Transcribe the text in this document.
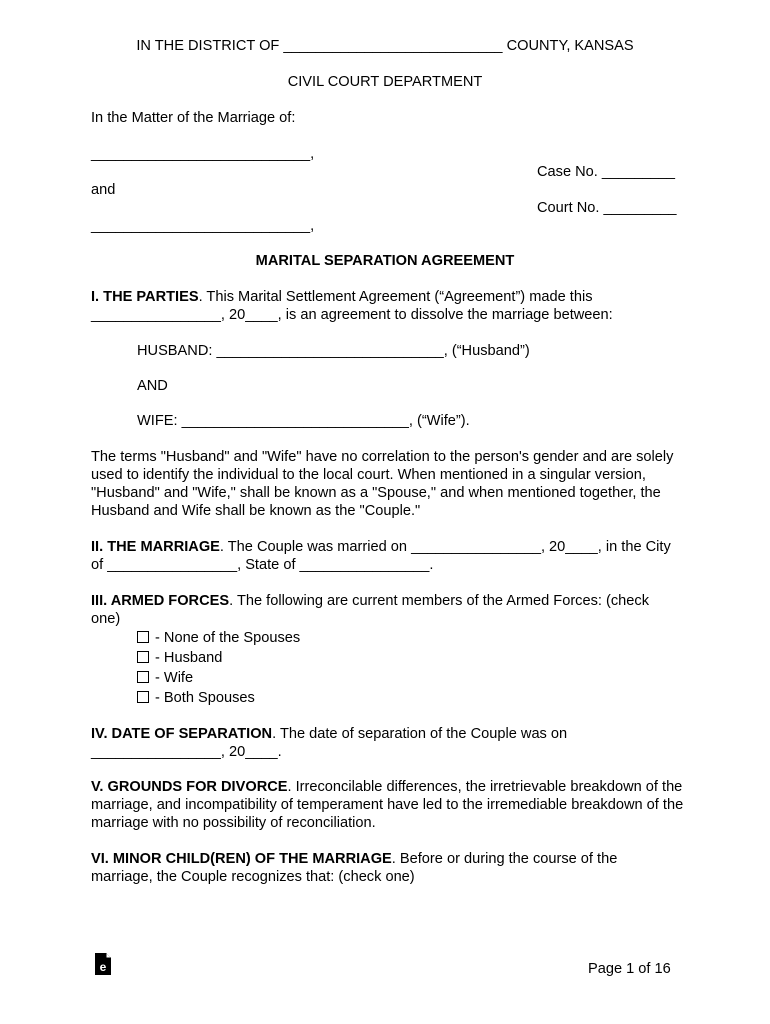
IN THE DISTRICT OF ___________________________ COUNTY, KANSAS
CIVIL COURT DEPARTMENT
In the Matter of the Marriage of:
___________________________,
Case No. _________
and
Court No. _________
___________________________,
MARITAL SEPARATION AGREEMENT
I. THE PARTIES. This Marital Settlement Agreement (“Agreement”) made this
________________, 20____, is an agreement to dissolve the marriage between:
HUSBAND: ____________________________, (“Husband”)
AND
WIFE: ____________________________, (“Wife”).

The terms "Husband" and "Wife" have no correlation to the person's gender and are solely used to identify the individual to the local court. When mentioned in a singular version, "Husband" and "Wife," shall be known as a "Spouse," and when mentioned together, the Husband and Wife shall be known as the "Couple."

II. THE MARRIAGE. The Couple was married on ________________, 20____, in the City of ________________, State of ________________.

III. ARMED FORCES. The following are current members of the Armed Forces: (check one)

- None of the Spouses
- Husband
- Wife
- Both Spouses

IV. DATE OF SEPARATION. The date of separation of the Couple was on ________________, 20____.

V. GROUNDS FOR DIVORCE. Irreconcilable differences, the irretrievable breakdown of the marriage, and incompatibility of temperament have led to the irremediable breakdown of the marriage with no possibility of reconciliation.

VI. MINOR CHILD(REN) OF THE MARRIAGE. Before or during the course of the marriage, the Couple recognizes that: (check one)

e	Page 1 of 16
